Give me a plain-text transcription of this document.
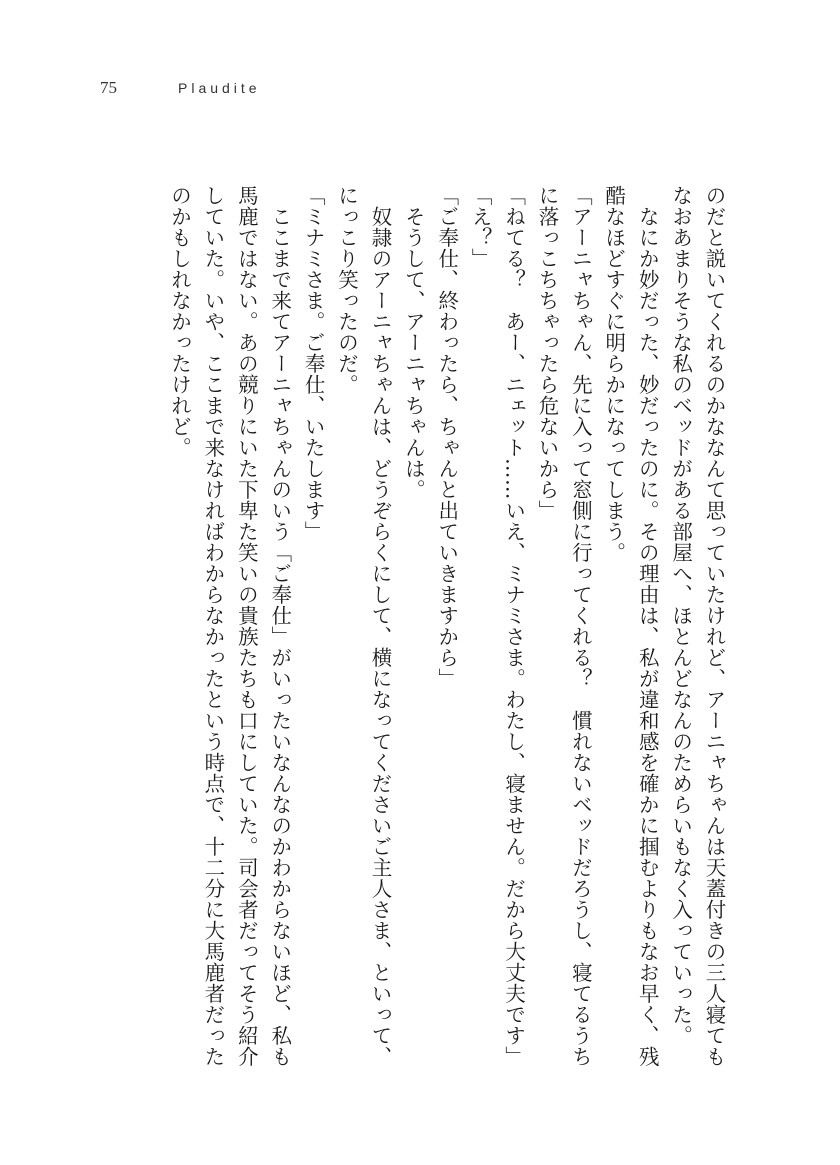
75	Plaudite
のだと説いてくれるのかななんて思っていたけれど、アーニャちゃんは天蓋付きの三人寝ても
なおあまりそうな私のベッドがある部屋へ、ほとんどなんのためらいもなく入っていった。
　なにか妙だった、妙だったのに。その理由は、私が違和感を確かに掴むよりもなお早く、残
酷なほどすぐに明らかになってしまう。
「アーニャちゃん、先に入って窓側に行ってくれる？　慣れないベッドだろうし、寝てるうち
に落っこちちゃったら危ないから」
「ねてる？　あー、ニェット……いえ、ミナミさま。わたし、寝ません。だから大丈夫です」
「え？」
「ご奉仕、終わったら、ちゃんと出ていきますから」
　そうして、アーニャちゃんは。
　奴隷のアーニャちゃんは、どうぞらくにして、横になってくださいご主人さま、といって、
にっこり笑ったのだ。
「ミナミさま。ご奉仕、いたします」
　ここまで来てアーニャちゃんのいう「ご奉仕」がいったいなんなのかわからないほど、私も
馬鹿ではない。あの競りにいた下卑た笑いの貴族たちも口にしていた。司会者だってそう紹介
していた。いや、ここまで来なければわからなかったという時点で、十二分に大馬鹿者だった
のかもしれなかったけれど。
